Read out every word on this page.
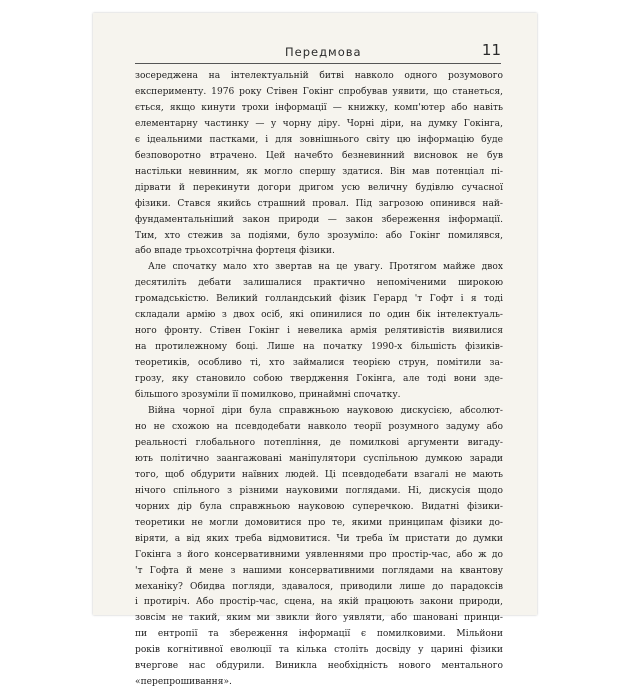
Передмова	11
зосереджена на інтелектуальній битві навколо одного розумового
експерименту. 1976 року Стівен Гокінг спробував уявити, що станеться,
ється, якщо кинути трохи інформації — книжку, комп'ютер або навіть
елементарну частинку — у чорну діру. Чорні діри, на думку Гокінга,
є ідеальними пастками, і для зовнішнього світу цю інформацію буде
безповоротно втрачено. Цей начебто безневинний висновок не був
настільки невинним, як могло спершу здатися. Він мав потенціал пі-
дірвати й перекинути догори дригом усю величну будівлю сучасної
фізики. Стався якийсь страшний провал. Під загрозою опинився най-
фундаментальніший закон природи — закон збереження інформації.
Тим, хто стежив за подіями, було зрозуміло: або Гокінг помилявся,
або впаде трьохсотрічна фортеця фізики.
Але спочатку мало хто звертав на це увагу. Протягом майже двох
десятиліть дебати залишалися практично непоміченими широкою
громадськістю. Великий голландський фізик Герард 'т Гофт і я тоді
складали армію з двох осіб, які опинилися по один бік інтелектуаль-
ного фронту. Стівен Гокінг і невелика армія релятивістів виявилися
на протилежному боці. Лише на початку 1990-х більшість фізиків-
теоретиків, особливо ті, хто займалися теорією струн, помітили за-
грозу, яку становило собою твердження Гокінга, але тоді вони зде-
більшого зрозуміли її помилково, принаймні спочатку.
Війна чорної діри була справжньою науковою дискусією, абсолют-
но не схожою на псевдодебати навколо теорії розумного задуму або
реальності глобального потепління, де помилкові аргументи вигаду-
ють політично заангажовані маніпулятори суспільною думкою заради
того, щоб обдурити наївних людей. Ці псевдодебати взагалі не мають
нічого спільного з різними науковими поглядами. Ні, дискусія щодо
чорних дір була справжньою науковою суперечкою. Видатні фізики-
теоретики не могли домовитися про те, якими принципам фізики до-
віряти, а від яких треба відмовитися. Чи треба їм пристати до думки
Гокінга з його консервативними уявленнями про простір-час, або ж до
'т Гофта й мене з нашими консервативними поглядами на квантову
механіку? Обидва погляди, здавалося, приводили лише до парадоксів
і протиріч. Або простір-час, сцена, на якій працюють закони природи,
зовсім не такий, яким ми звикли його уявляти, або шановані принци-
пи ентропії та збереження інформації є помилковими. Мільйони
років когнітивної еволюції та кілька століть досвіду у царині фізики
вчергове нас обдурили. Виникла необхідність нового ментального
«перепрошивання».
